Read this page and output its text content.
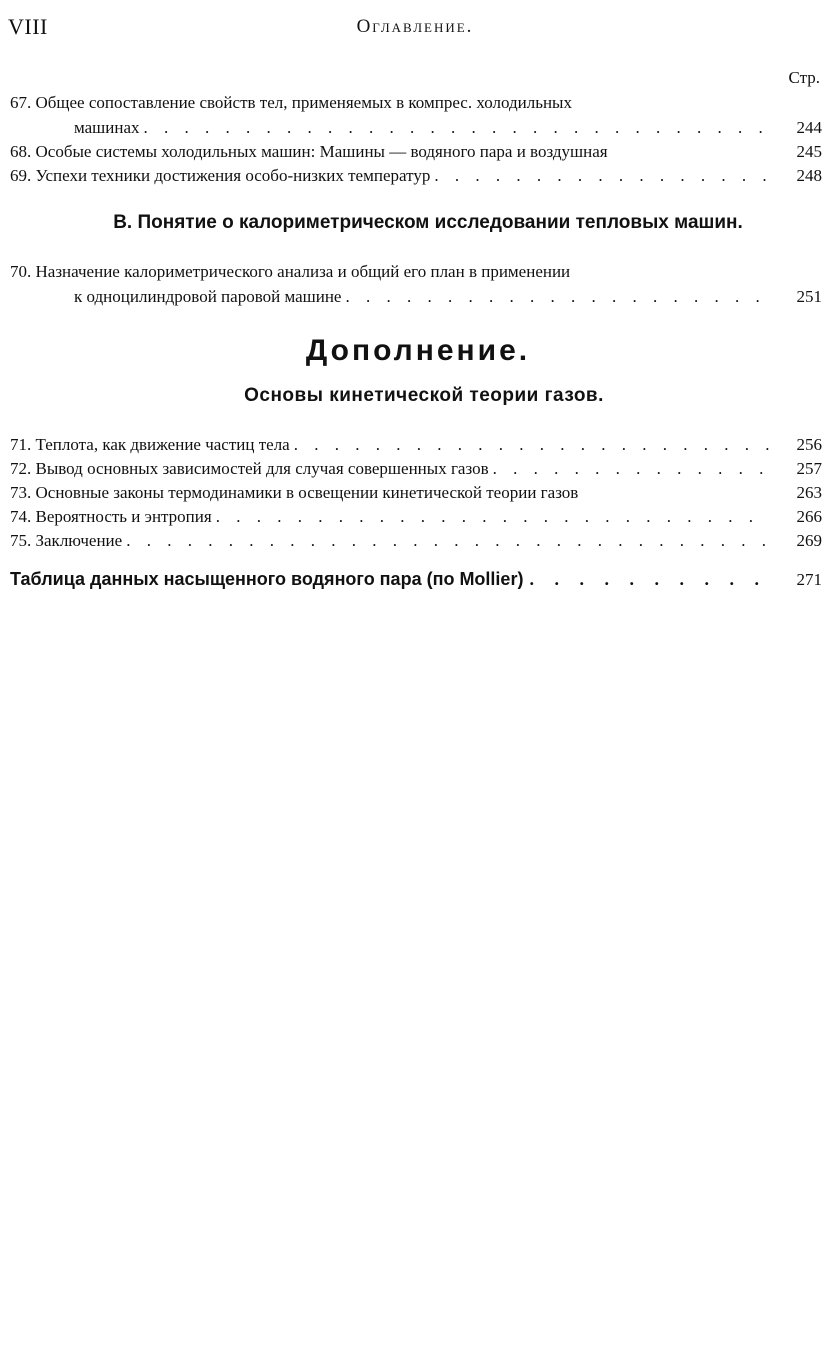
VIII	Оглавление.
Стр.
67. Общее сопоставление свойств тел, применяемых в компрес. холодильных
машинах . . .	244
68. Особые системы холодильных машин: Машины — водяного пара и воздушная	245
69. Успехи техники достижения особо-низких температур . . .	248
В. Понятие о калориметрическом исследовании тепловых машин.
70. Назначение калориметрического анализа и общий его план в применении
к одноцилиндровой паровой машине . . .	251
Дополнение.
Основы кинетической теории газов.
71. Теплота, как движение частиц тела . . .	256
72. Вывод основных зависимостей для случая совершенных газов . . .	257
73. Основные законы термодинамики в освещении кинетической теории газов	263
74. Вероятность и энтропия . . .	266
75. Заключение . . .	269
Таблица данных насыщенного водяного пара (по Mollier) . . .	271
